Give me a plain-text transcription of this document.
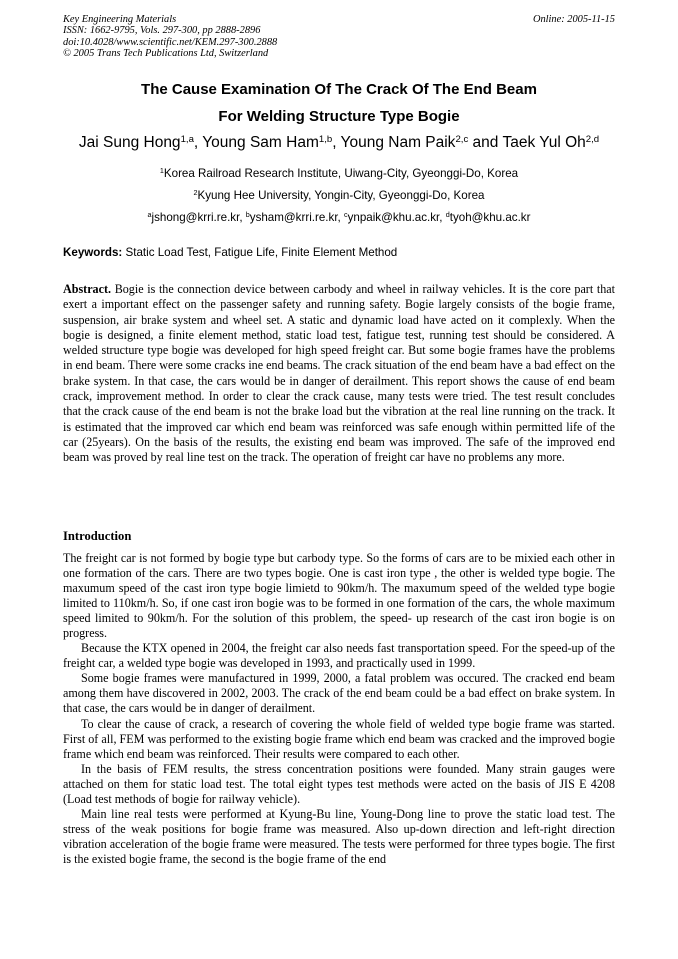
Key Engineering Materials
ISSN: 1662-9795, Vols. 297-300, pp 2888-2896
doi:10.4028/www.scientific.net/KEM.297-300.2888
© 2005 Trans Tech Publications Ltd, Switzerland
Online: 2005-11-15
The Cause Examination Of The Crack Of The End Beam
For Welding Structure Type Bogie
Jai Sung Hong$^{1,a}$, Young Sam Ham$^{1,b}$, Young Nam Paik$^{2,c}$ and Taek Yul Oh$^{2,d}$
$^1$Korea Railroad Research Institute, Uiwang-City, Gyeonggi-Do, Korea
$^2$Kyung Hee University, Yongin-City, Gyeonggi-Do, Korea
$^a$jshong@krri.re.kr, $^b$ysham@krri.re.kr, $^c$ynpaik@khu.ac.kr, $^d$tyoh@khu.ac.kr
Keywords: Static Load Test, Fatigue Life, Finite Element Method

Abstract. Bogie is the connection device between carbody and wheel in railway vehicles. It is the core part that exert a important effect on the passenger safety and running safety. Bogie largely consists of the bogie frame, suspension, air brake system and wheel set. A static and dynamic load have acted on it complexly. When the bogie is designed, a finite element method, static load test, fatigue test, running test should be considered. A welded structure type bogie was developed for high speed freight car. But some bogie frames have the problems in end beam. There were some cracks ine end beams. The crack situation of the end beam have a bad effect on the brake system. In that case, the cars would be in danger of derailment. This report shows the cause of end beam crack, improvement method. In order to clear the crack cause, many tests were tried. The test result concludes that the crack cause of the end beam is not the brake load but the vibration at the real line running on the track. It is estimated that the improved car which end beam was reinforced was safe enough within permitted life of the car (25years). On the basis of the results, the existing end beam was improved. The safe of the improved end beam was proved by real line test on the track. The operation of freight car have no problems any more.

Introduction

The freight car is not formed by bogie type but carbody type. So the forms of cars are to be mixied each other in one formation of the cars. There are two types bogie. One is cast iron type , the other is welded type bogie. The maxumum speed of the cast iron type bogie limietd to 90km/h. The maxumum speed of the welded type bogie limited to 110km/h. So, if one cast iron bogie was to be formed in one formation of the cars, the whole maximum speed limited to 90km/h. For the solution of this problem, the speed- up research of the cast iron bogie is on progress.

Because the KTX opened in 2004, the freight car also needs fast transportation speed. For the speed-up of the freight car, a welded type bogie was developed in 1993, and practically used in 1999.

Some bogie frames were manufactured in 1999, 2000, a fatal problem was occured. The cracked end beam among them have discovered in 2002, 2003. The crack of the end beam could be a bad effect on brake system. In that case, the cars would be in danger of derailment.

To clear the cause of crack, a research of covering the whole field of welded type bogie frame was started. First of all, FEM was performed to the existing bogie frame which end beam was cracked and the improved bogie frame which end beam was reinforced. Their results were compared to each other.

In the basis of FEM results, the stress concentration positions were founded. Many strain gauges were attached on them for static load test. The total eight types test methods were acted on the basis of JIS E 4208 (Load test methods of bogie for railway vehicle).

Main line real tests were performed at Kyung-Bu line, Young-Dong line to prove the static load test. The stress of the weak positions for bogie frame was measured. Also up-down direction and left-right direction vibration acceleration of the bogie frame were measured. The tests were performed for three types bogie. The first is the existed bogie frame, the second is the bogie frame of the end
